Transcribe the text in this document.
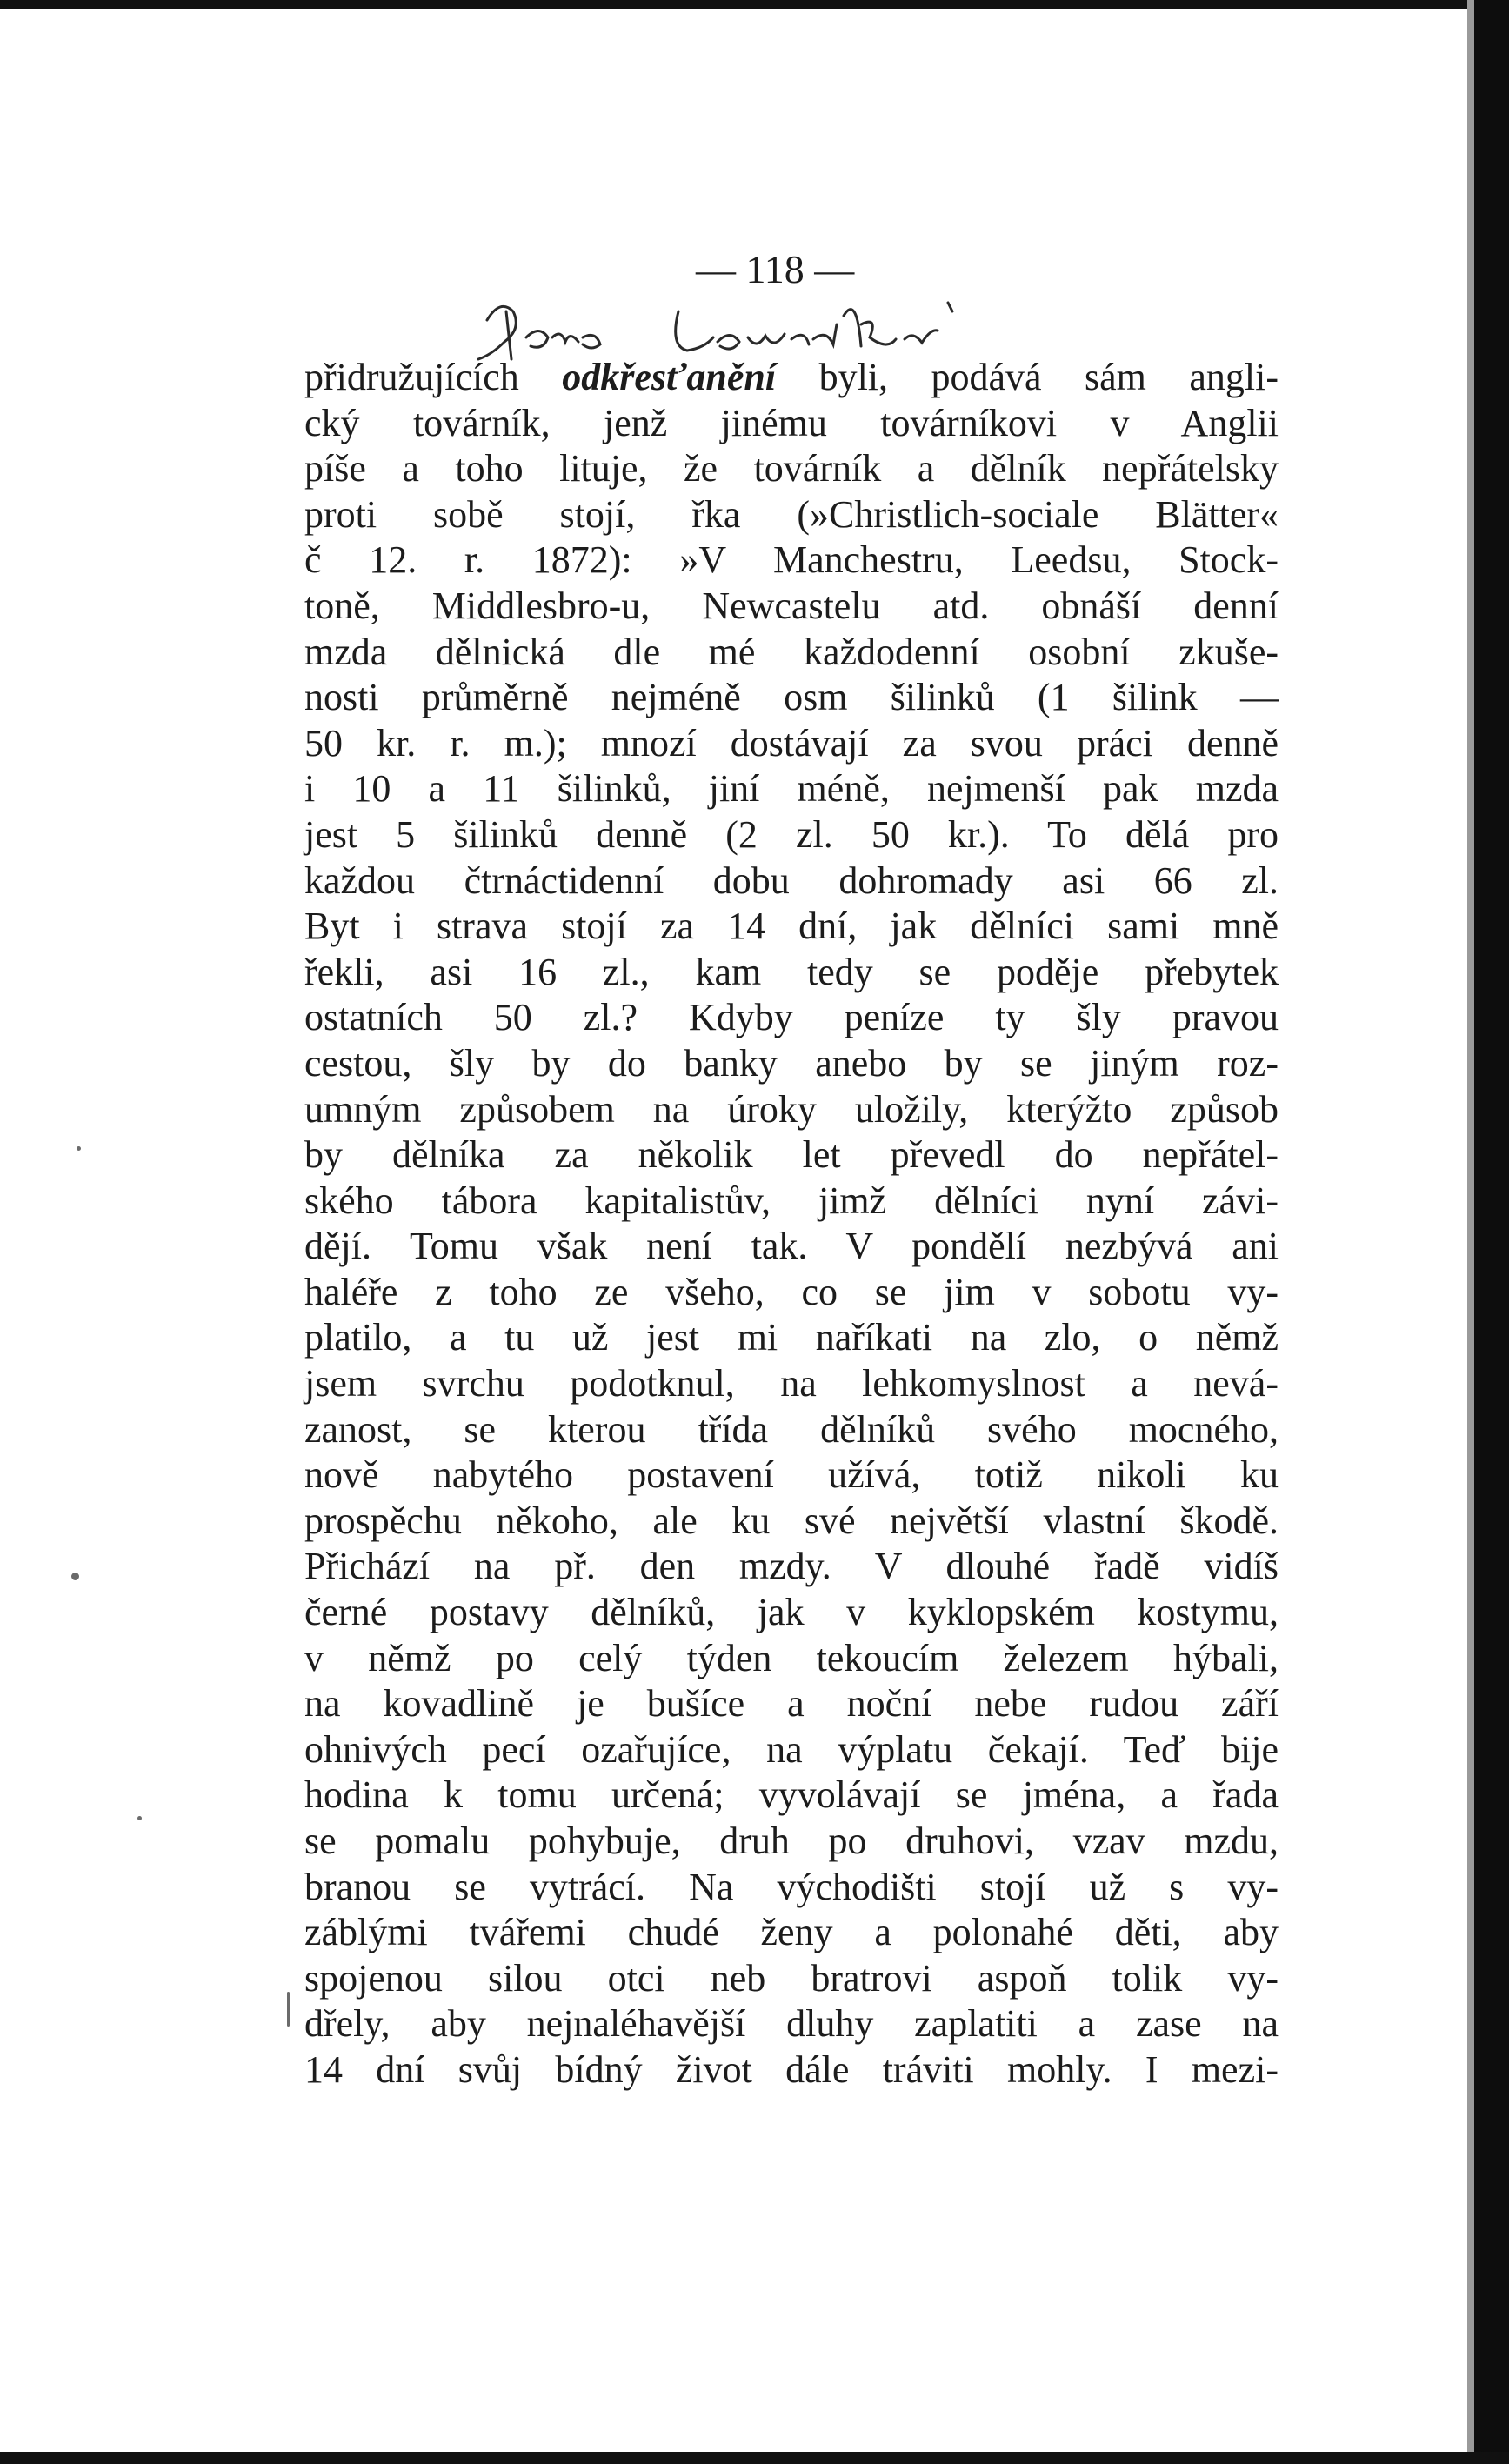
— 118 —
Pomoc dovednosti
přidružujících odkřesťanění byli, podává sám angli-
cký továrník, jenž jinému továrníkovi v Anglii
píše a toho lituje, že továrník a dělník nepřátelsky
proti sobě stojí, řka (»Christlich-sociale Blätter«
č 12. r. 1872): »V Manchestru, Leedsu, Stock-
toně, Middlesbro-u, Newcastelu atd. obnáší denní
mzda dělnická dle mé každodenní osobní zkuše-
nosti průměrně nejméně osm šilinků (1 šilink —
50 kr. r. m.); mnozí dostávají za svou práci denně
i 10 a 11 šilinků, jiní méně, nejmenší pak mzda
jest 5 šilinků denně (2 zl. 50 kr.). To dělá pro
každou čtrnáctidenní dobu dohromady asi 66 zl.
Byt i strava stojí za 14 dní, jak dělníci sami mně
řekli, asi 16 zl., kam tedy se poděje přebytek
ostatních 50 zl.? Kdyby peníze ty šly pravou
cestou, šly by do banky anebo by se jiným roz-
umným způsobem na úroky uložily, kterýžto způsob
by dělníka za několik let převedl do nepřátel-
ského tábora kapitalistův, jimž dělníci nyní závi-
dějí. Tomu však není tak. V pondělí nezbývá ani
haléře z toho ze všeho, co se jim v sobotu vy-
platilo, a tu už jest mi naříkati na zlo, o němž
jsem svrchu podotknul, na lehkomyslnost a nevá-
zanost, se kterou třída dělníků svého mocného,
nově nabytého postavení užívá, totiž nikoli ku
prospěchu někoho, ale ku své největší vlastní škodě.
Přichází na př. den mzdy. V dlouhé řadě vidíš
černé postavy dělníků, jak v kyklopském kostymu,
v němž po celý týden tekoucím železem hýbali,
na kovadlině je bušíce a noční nebe rudou září
ohnivých pecí ozařujíce, na výplatu čekají. Teď bije
hodina k tomu určená; vyvolávají se jména, a řada
se pomalu pohybuje, druh po druhovi, vzav mzdu,
branou se vytrácí. Na východišti stojí už s vy-
záblými tvářemi chudé ženy a polonahé děti, aby
spojenou silou otci neb bratrovi aspoň tolik vy-
dřely, aby nejnaléhavější dluhy zaplatiti a zase na
14 dní svůj bídný život dále tráviti mohly. I mezi-
